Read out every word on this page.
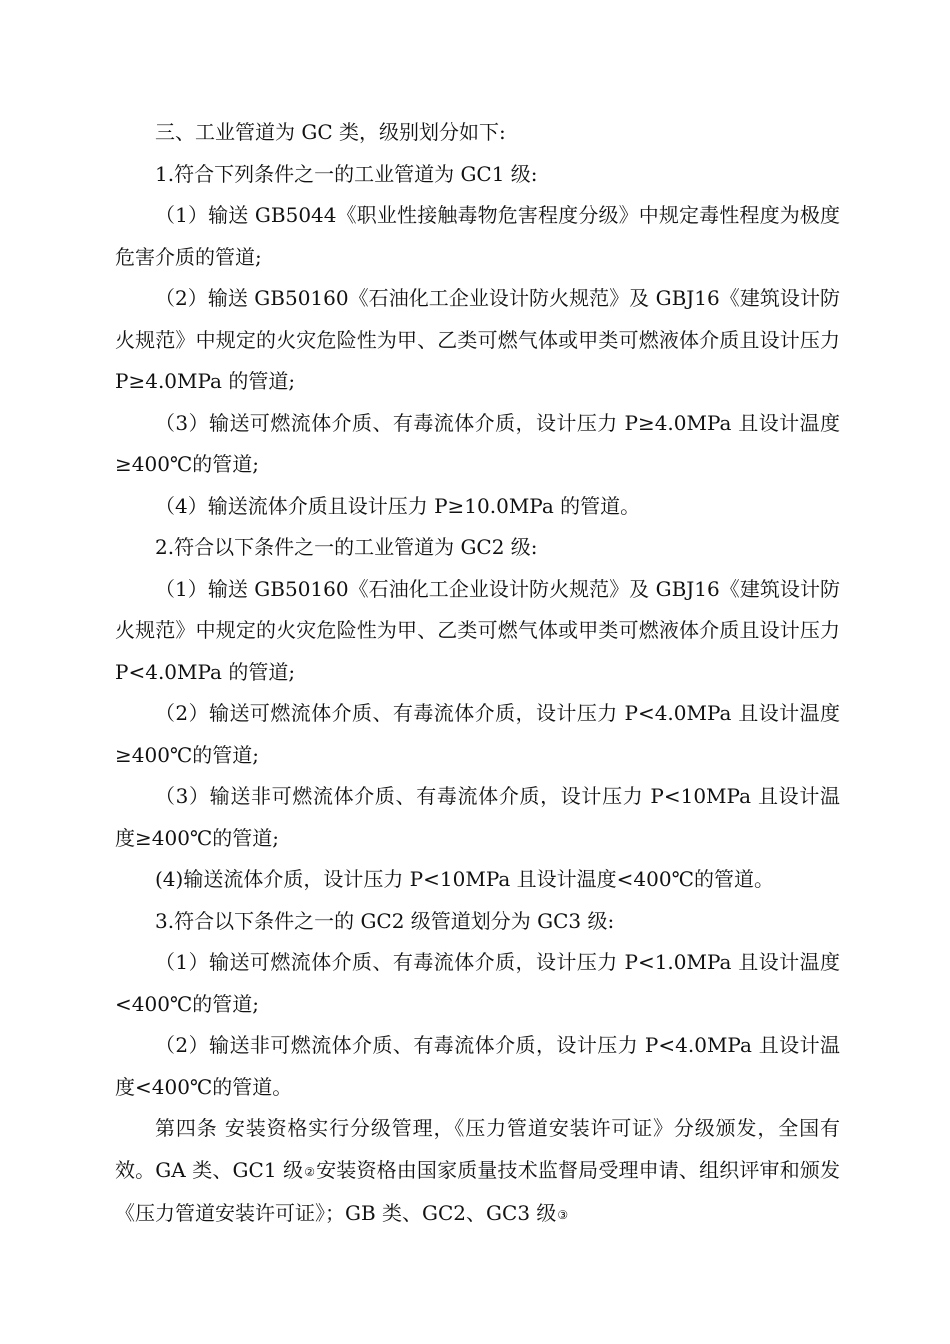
三、工业管道为 GC 类，级别划分如下:

1.符合下列条件之一的工业管道为 GC1 级:

（1）输送 GB5044《职业性接触毒物危害程度分级》中规定毒性程度为极度危害介质的管道;

（2）输送 GB50160《石油化工企业设计防火规范》及 GBJ16《建筑设计防火规范》中规定的火灾危险性为甲、乙类可燃气体或甲类可燃液体介质且设计压力 P≥4.0MPa 的管道;

（3）输送可燃流体介质、有毒流体介质，设计压力 P≥4.0MPa 且设计温度≥400℃的管道;

（4）输送流体介质且设计压力 P≥10.0MPa 的管道。

2.符合以下条件之一的工业管道为 GC2 级:

（1）输送 GB50160《石油化工企业设计防火规范》及 GBJ16《建筑设计防火规范》中规定的火灾危险性为甲、乙类可燃气体或甲类可燃液体介质且设计压力 P<4.0MPa 的管道;

（2）输送可燃流体介质、有毒流体介质，设计压力 P<4.0MPa 且设计温度≥400℃的管道;

（3）输送非可燃流体介质、有毒流体介质，设计压力 P<10MPa 且设计温度≥400℃的管道;

(4)输送流体介质，设计压力 P<10MPa 且设计温度<400℃的管道。

3.符合以下条件之一的 GC2 级管道划分为 GC3 级:

（1）输送可燃流体介质、有毒流体介质，设计压力 P<1.0MPa 且设计温度<400℃的管道;

（2）输送非可燃流体介质、有毒流体介质，设计压力 P<4.0MPa 且设计温度<400℃的管道。

第四条 安装资格实行分级管理，《压力管道安装许可证》分级颁发，全国有效。GA 类、GC1 级②安装资格由国家质量技术监督局受理申请、组织评审和颁发《压力管道安装许可证》；GB 类、GC2、GC3 级③
